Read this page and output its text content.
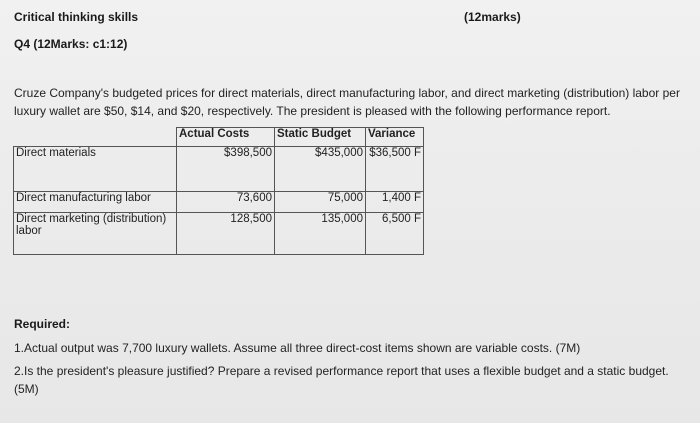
Critical thinking skills	(12marks)
Q4 (12Marks: c1:12)
Cruze Company's budgeted prices for direct materials, direct manufacturing labor, and direct marketing (distribution) labor per luxury wallet are $50, $14, and $20, respectively. The president is pleased with the following performance report.
	Actual Costs	Static Budget	Variance
Direct materials	$398,500	$435,000	$36,500 F
Direct manufacturing labor	73,600	75,000	1,400 F
Direct marketing (distribution) labor	128,500	135,000	6,500 F
Required:
1.Actual output was 7,700 luxury wallets. Assume all three direct-cost items shown are variable costs. (7M)
2.Is the president's pleasure justified? Prepare a revised performance report that uses a flexible budget and a static budget. (5M)
